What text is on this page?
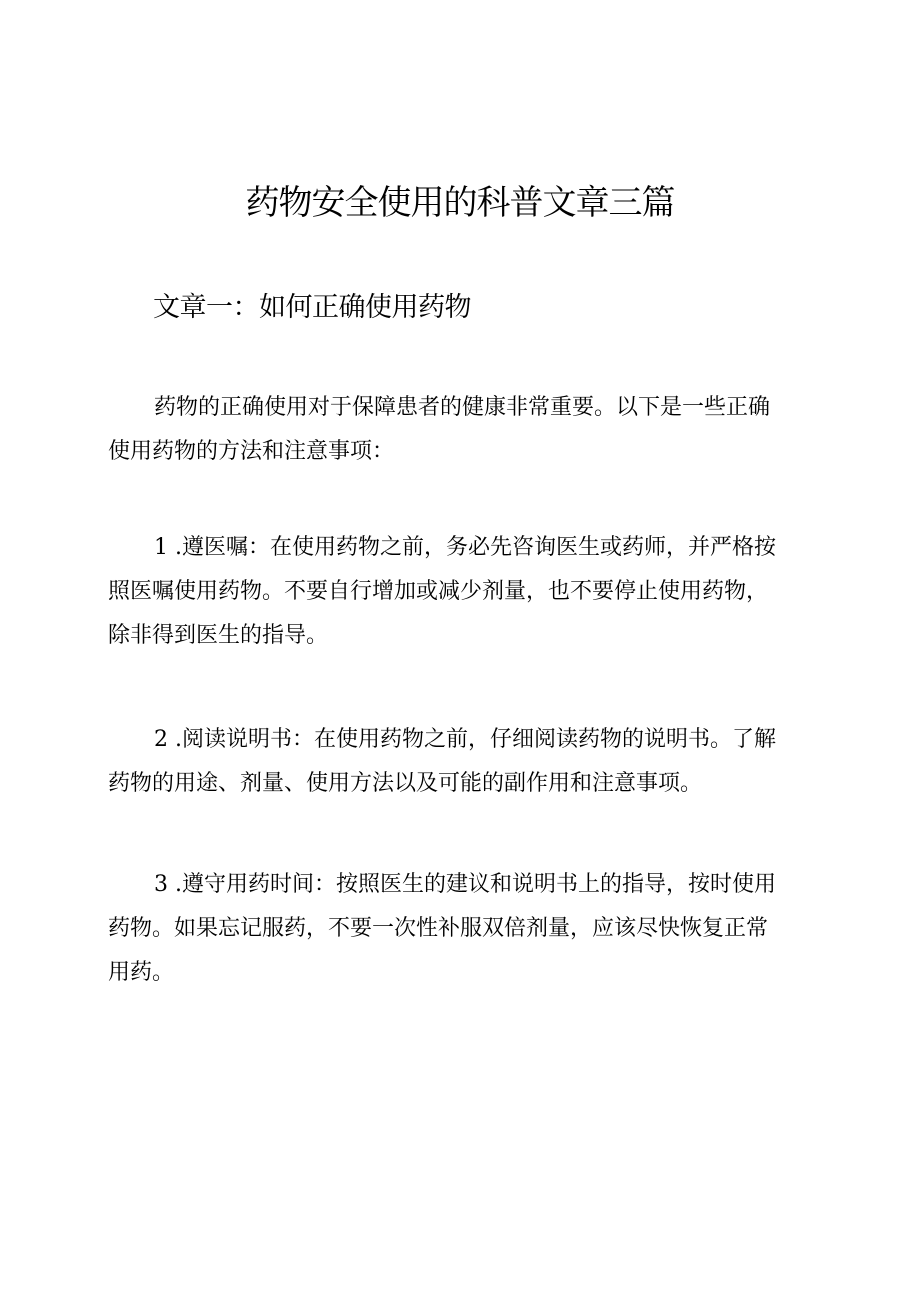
药物安全使用的科普文章三篇
文章一：如何正确使用药物

药物的正确使用对于保障患者的健康非常重要。以下是一些正确
使用药物的方法和注意事项：

1 .遵医嘱：在使用药物之前，务必先咨询医生或药师，并严格按
照医嘱使用药物。不要自行增加或减少剂量，也不要停止使用药物，
除非得到医生的指导。

2 .阅读说明书：在使用药物之前，仔细阅读药物的说明书。了解
药物的用途、剂量、使用方法以及可能的副作用和注意事项。

3 .遵守用药时间：按照医生的建议和说明书上的指导，按时使用
药物。如果忘记服药，不要一次性补服双倍剂量，应该尽快恢复正常
用药。
